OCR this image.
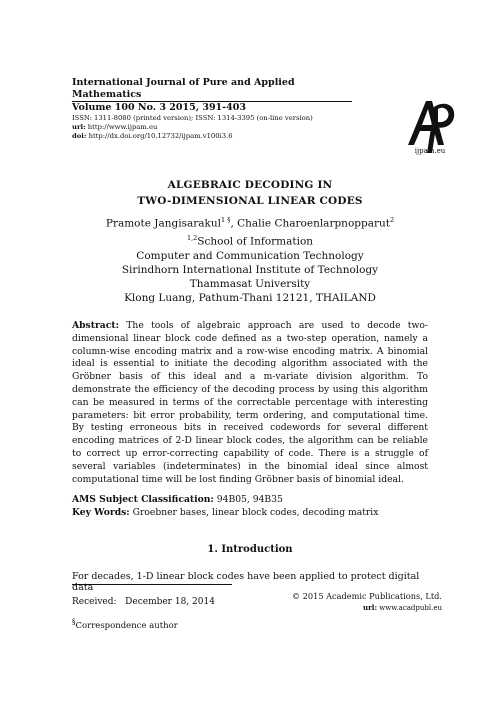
International Journal of Pure and Applied Mathematics
Volume 100 No. 3 2015, 391-403
ISSN: 1311-8080 (printed version); ISSN: 1314-3395 (on-line version)
url: http://www.ijpam.eu
doi: http://dx.doi.org/10.12732/ijpam.v100i3.6
ijpam.eu
ALGEBRAIC DECODING IN
TWO-DIMENSIONAL LINEAR CODES
Pramote Jangisarakul$^{1 \S}$, Chalie Charoenlarpnopparut$^2$
$^{1,2}$School of Information
Computer and Communication Technology
Sirindhorn International Institute of Technology
Thammasat University
Klong Luang, Pathum-Thani 12121, THAILAND
Abstract: The tools of algebraic approach are used to decode two-dimensional linear block code defined as a two-step operation, namely a column-wise encoding matrix and a row-wise encoding matrix. A binomial ideal is essential to initiate the decoding algorithm associated with the Gröbner basis of this ideal and a m-variate division algorithm. To demonstrate the efficiency of the decoding process by using this algorithm can be measured in terms of the correctable percentage with interesting parameters: bit error probability, term ordering, and computational time. By testing erroneous bits in received codewords for several different encoding matrices of 2-D linear block codes, the algorithm can be reliable to correct up error-correcting capability of code. There is a struggle of several variables (indeterminates) in the binomial ideal since almost computational time will be lost finding Gröbner basis of binomial ideal.
AMS Subject Classification: 94B05, 94B35
Key Words: Groebner bases, linear block codes, decoding matrix
1. Introduction
For decades, 1-D linear block codes have been applied to protect digital data
Received: December 18, 2014
© 2015 Academic Publications, Ltd.
url: www.acadpubl.eu
§Correspondence author
